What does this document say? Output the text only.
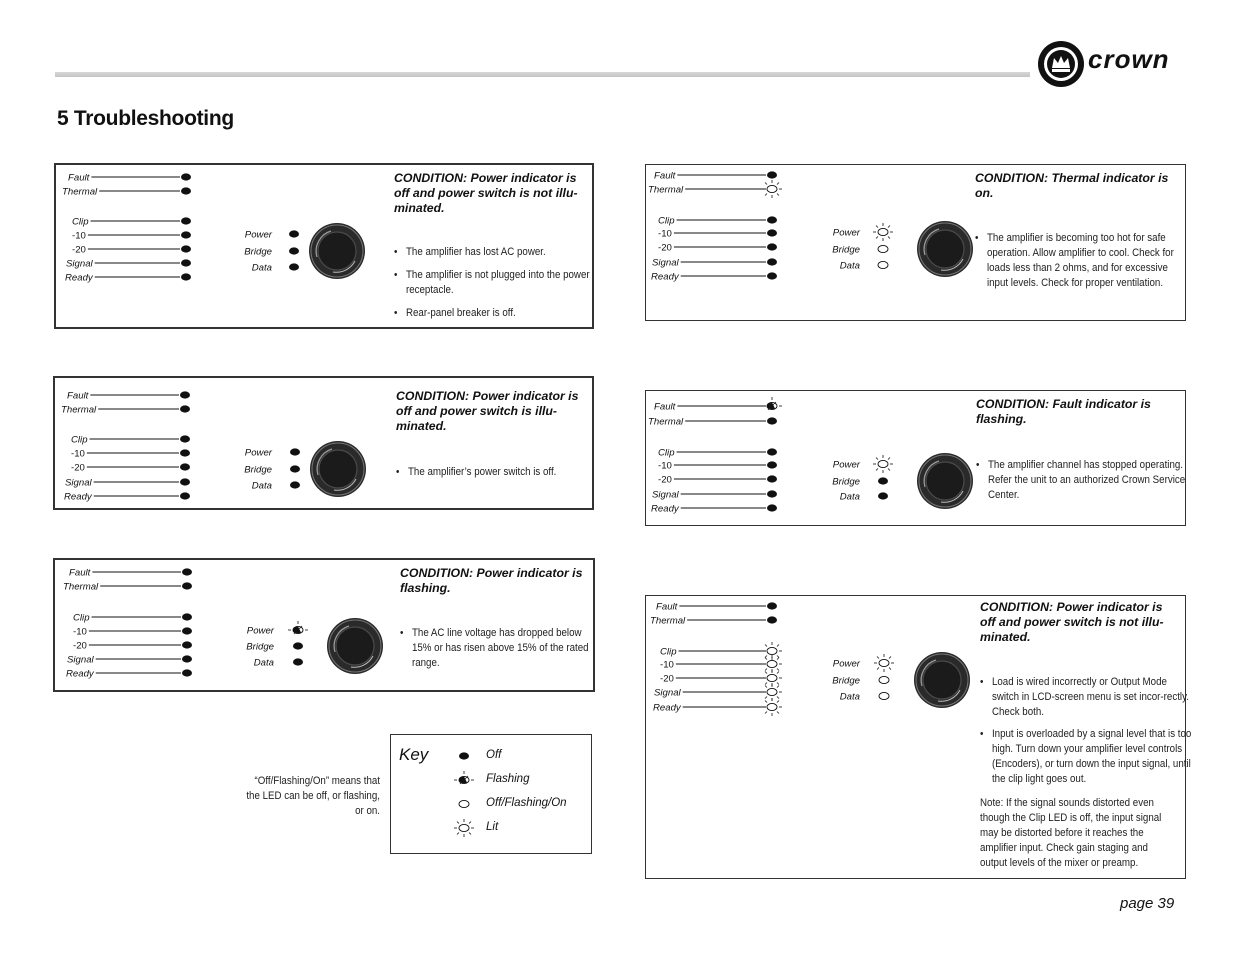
crown
5 Troubleshooting
Fault
Thermal
Clip
-10
-20
Signal
Ready
Power
Bridge
Data

CONDITION: Power indicator is off and power switch is not illu-minated.

• The amplifier has lost AC power.
• The amplifier is not plugged into the power receptacle.
• Rear-panel breaker is off.
Fault
Thermal
Clip
-10
-20
Signal
Ready
Power
Bridge
Data

CONDITION: Power indicator is off and power switch is illu-minated.

• The amplifier’s power switch is off.
Fault
Thermal
Clip
-10
-20
Signal
Ready
Power
Bridge
Data

CONDITION: Power indicator is flashing.

• The AC line voltage has dropped below 15% or has risen above 15% of the rated range.
Fault
Thermal
Clip
-10
-20
Signal
Ready
Power
Bridge
Data

CONDITION: Thermal indicator is on.

• The amplifier is becoming too hot for safe operation. Allow amplifier to cool. Check for loads less than 2 ohms, and for excessive input levels. Check for proper ventilation.
Fault
Thermal
Clip
-10
-20
Signal
Ready
Power
Bridge
Data

CONDITION: Fault indicator is flashing.

• The amplifier channel has stopped operating. Refer the unit to an authorized Crown Service Center.
Fault
Thermal
Clip
-10
-20
Signal
Ready
Power
Bridge
Data

CONDITION: Power indicator is off and power switch is not illu-minated.

• Load is wired incorrectly or Output Mode switch in LCD-screen menu is set incor-rectly. Check both.
• Input is overloaded by a signal level that is too high. Turn down your amplifier level controls (Encoders), or turn down the input signal, until the clip light goes out.

Note: If the signal sounds distorted even though the Clip LED is off, the input signal may be distorted before it reaches the amplifier input. Check gain staging and output levels of the mixer or preamp.

“Off/Flashing/On” means that the LED can be off, or flashing, or on.

Key	Off
Flashing
Off/Flashing/On
Lit
page 39
